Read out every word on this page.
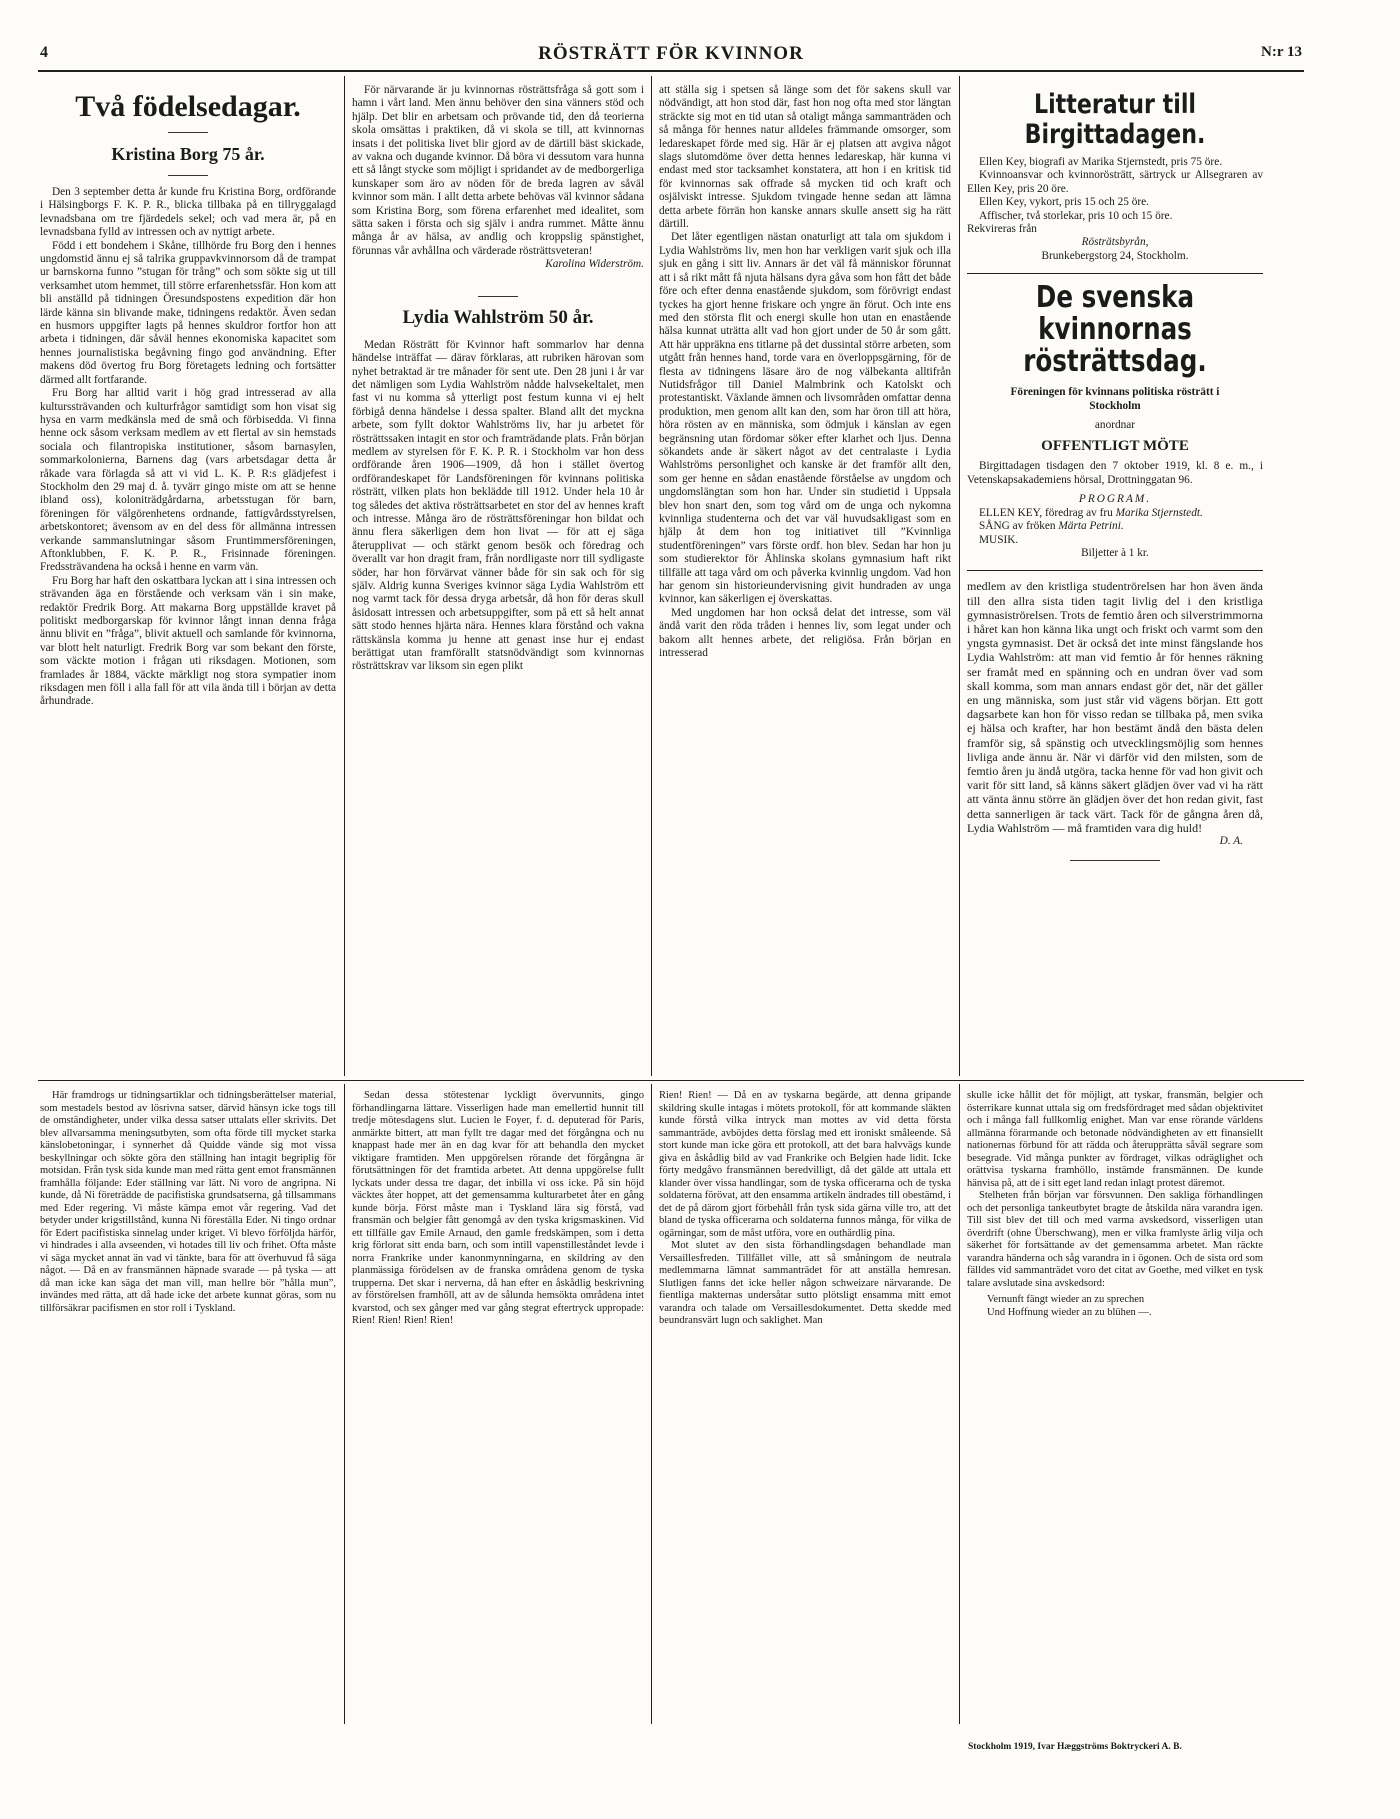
4	RÖSTRÄTT FÖR KVINNOR	N:r 13
Två födelsedagar.
Kristina Borg 75 år.

Den 3 september detta år kunde fru Kristina Borg, ordförande i Hälsingborgs F. K. P. R., blicka tillbaka på en tillryggalagd levnadsbana om tre fjärdedels sekel; och vad mera är, på en levnadsbana fylld av intressen och av nyttigt arbete.

Född i ett bondehem i Skåne, tillhörde fru Borg den i hennes ungdomstid ännu ej så talrika gruppavkvinnorsom då de trampat ur barnskorna funno ”stugan för trång” och som sökte sig ut till verksamhet utom hemmet, till större erfarenhetssfär. Hon kom att bli anställd på tidningen Öresundspostens expedition där hon lärde känna sin blivande make, tidningens redaktör. Även sedan en husmors uppgifter lagts på hennes skuldror fortfor hon att arbeta i tidningen, där såväl hennes ekonomiska kapacitet som hennes journalistiska begåvning fingo god användning. Efter makens död övertog fru Borg företagets ledning och fortsätter därmed allt fortfarande.

Fru Borg har alltid varit i hög grad intresserad av alla kulturssträvanden och kulturfrågor samtidigt som hon visat sig hysa en varm medkänsla med de små och förbisedda. Vi finna henne ock såsom verksam medlem av ett flertal av sin hemstads sociala och filantropiska institutioner, såsom barnasylen, sommarkolonierna, Barnens dag (vars arbetsdagar detta år råkade vara förlagda så att vi vid L. K. P. R:s glädjefest i Stockholm den 29 maj d. å. tyvärr gingo miste om att se henne ibland oss), koloniträdgårdarna, arbetsstugan för barn, föreningen för välgörenhetens ordnande, fattigvårdsstyrelsen, arbetskontoret; ävensom av en del dess för allmänna intressen verkande sammanslutningar såsom Fruntimmersföreningen, Aftonklubben, F. K. P. R., Frisinnade föreningen. Fredssträvandena ha också i henne en varm vän.

Fru Borg har haft den oskattbara lyckan att i sina intressen och strävanden äga en förstående och verksam vän i sin make, redaktör Fredrik Borg. Att makarna Borg uppställde kravet på politiskt medborgarskap för kvinnor långt innan denna fråga ännu blivit en ”fråga”, blivit aktuell och samlande för kvinnorna, var blott helt naturligt. Fredrik Borg var som bekant den förste, som väckte motion i frågan uti riksdagen. Motionen, som framlades år 1884, väckte märkligt nog stora sympatier inom riksdagen men föll i alla fall för att vila ända till i början av detta århundrade.

För närvarande är ju kvinnornas rösträttsfråga så gott som i hamn i vårt land. Men ännu behöver den sina vänners stöd och hjälp. Det blir en arbetsam och prövande tid, den då teorierna skola omsättas i praktiken, då vi skola se till, att kvinnornas insats i det politiska livet blir gjord av de därtill bäst skickade, av vakna och dugande kvinnor. Då böra vi dessutom vara hunna ett så långt stycke som möjligt i spridandet av de medborgerliga kunskaper som äro av nöden för de breda lagren av såväl kvinnor som män. I allt detta arbete behövas väl kvinnor sådana som Kristina Borg, som förena erfarenhet med idealitet, som sätta saken i första och sig själv i andra rummet. Måtte ännu många år av hälsa, av andlig och kroppslig spänstighet, förunnas vår avhållna och värderade rösträttsveteran!

Karolina Widerström.

Lydia Wahlström 50 år.

Medan Rösträtt för Kvinnor haft sommarlov har denna händelse inträffat — därav förklaras, att rubriken härovan som nyhet betraktad är tre månader för sent ute. Den 28 juni i år var det nämligen som Lydia Wahlström nådde halvsekeltalet, men fast vi nu komma så ytterligt post festum kunna vi ej helt förbigå denna händelse i dessa spalter. Bland allt det myckna arbete, som fyllt doktor Wahlströms liv, har ju arbetet för rösträttssaken intagit en stor och framträdande plats. Från början medlem av styrelsen för F. K. P. R. i Stockholm var hon dess ordförande åren 1906—1909, då hon i stället övertog ordförandeskapet för Landsföreningen för kvinnans politiska rösträtt, vilken plats hon beklädde till 1912. Under hela 10 år tog således det aktiva rösträttsarbetet en stor del av hennes kraft och intresse. Många äro de rösträttsföreningar hon bildat och ännu flera säkerligen dem hon livat — för att ej säga återupplivat — och stärkt genom besök och föredrag och överallt var hon dragit fram, från nordligaste norr till sydligaste söder, har hon förvärvat vänner både för sin sak och för sig själv. Aldrig kunna Sveriges kvinnor säga Lydia Wahlström ett nog varmt tack för dessa dryga arbetsår, då hon för deras skull åsidosatt intressen och arbetsuppgifter, som på ett så helt annat sätt stodo hennes hjärta nära. Hennes klara förstånd och vakna rättskänsla komma ju henne att genast inse hur ej endast berättigat utan framförallt statsnödvändigt som kvinnornas rösträttskrav var liksom sin egen plikt

att ställa sig i spetsen så länge som det för sakens skull var nödvändigt, att hon stod där, fast hon nog ofta med stor längtan sträckte sig mot en tid utan så otaligt många sammanträden och så många för hennes natur alldeles främmande omsorger, som ledareskapet förde med sig. Här är ej platsen att avgiva något slags slutomdöme över detta hennes ledareskap, här kunna vi endast med stor tacksamhet konstatera, att hon i en kritisk tid för kvinnornas sak offrade så mycken tid och kraft och osjälviskt intresse. Sjukdom tvingade henne sedan att lämna detta arbete förrän hon kanske annars skulle ansett sig ha rätt därtill.

Det låter egentligen nästan onaturligt att tala om sjukdom i Lydia Wahlströms liv, men hon har verkligen varit sjuk och illa sjuk en gång i sitt liv. Annars är det väl få människor förunnat att i så rikt mått få njuta hälsans dyra gåva som hon fått det både före och efter denna enastående sjukdom, som förövrigt endast tyckes ha gjort henne friskare och yngre än förut. Och inte ens med den största flit och energi skulle hon utan en enastående hälsa kunnat uträtta allt vad hon gjort under de 50 år som gått. Att här uppräkna ens titlarne på det dussintal större arbeten, som utgått från hennes hand, torde vara en överloppsgärning, för de flesta av tidningens läsare äro de nog välbekanta alltifrån Nutidsfrågor till Daniel Malmbrink och Katolskt och protestantiskt. Växlande ämnen och livsområden omfattar denna produktion, men genom allt kan den, som har öron till att höra, höra rösten av en människa, som ödmjuk i känslan av egen begränsning utan fördomar söker efter klarhet och ljus. Denna sökandets ande är säkert något av det centralaste i Lydia Wahlströms personlighet och kanske är det framför allt den, som ger henne en sådan enastående förståelse av ungdom och ungdomslängtan som hon har. Under sin studietid i Uppsala blev hon snart den, som tog vård om de unga och nykomna kvinnliga studenterna och det var väl huvudsakligast som en hjälp åt dem hon tog initiativet till ”Kvinnliga studentföreningen” vars förste ordf. hon blev. Sedan har hon ju som studierektor för Åhlinska skolans gymnasium haft rikt tillfälle att taga vård om och påverka kvinnlig ungdom. Vad hon har genom sin historieundervisning givit hundraden av unga kvinnor, kan säkerligen ej överskattas.

Med ungdomen har hon också delat det intresse, som väl ändå varit den röda tråden i hennes liv, som legat under och bakom allt hennes arbete, det religiösa. Från början en intresserad

Litteratur till Birgittadagen.

Ellen Key, biografi av Marika Stjernstedt, pris 75 öre.

Kvinnoansvar och kvinnorösträtt, särtryck ur Allsegraren av Ellen Key, pris 20 öre.

Ellen Key, vykort, pris 15 och 25 öre.

Affischer, två storlekar, pris 10 och 15 öre.

Rekvireras från

Rösträtsbyrån,

Brunkebergstorg 24, Stockholm.

De svenska kvinnornas rösträttsdag.

Föreningen för kvinnans politiska rösträtt i Stockholm

anordnar

OFFENTLIGT MÖTE

Birgittadagen tisdagen den 7 oktober 1919, kl. 8 e. m., i Vetenskapsakademiens hörsal, Drottninggatan 96.

PROGRAM.

ELLEN KEY, föredrag av fru Marika Stjernstedt.

SÅNG av fröken Märta Petrini.

MUSIK.

Biljetter à 1 kr.

medlem av den kristliga studentrörelsen har hon även ända till den allra sista tiden tagit livlig del i den kristliga gymnasiströrelsen. Trots de femtio åren och silverstrimmorna i håret kan hon känna lika ungt och friskt och varmt som den yngsta gymnasist. Det är också det inte minst fängslande hos Lydia Wahlström: att man vid femtio år för hennes räkning ser framåt med en spänning och en undran över vad som skall komma, som man annars endast gör det, när det gäller en ung människa, som just står vid vägens början. Ett gott dagsarbete kan hon för visso redan se tillbaka på, men svika ej hälsa och krafter, har hon bestämt ändå den bästa delen framför sig, så spänstig och utvecklingsmöjlig som hennes livliga ande ännu är. När vi därför vid den milsten, som de femtio åren ju ändå utgöra, tacka henne för vad hon givit och varit för sitt land, så känns säkert glädjen över vad vi ha rätt att vänta ännu större än glädjen över det hon redan givit, fast detta sannerligen är tack värt. Tack för de gångna åren då, Lydia Wahlström — må framtiden vara dig huld!

D. A.

Här framdrogs ur tidningsartiklar och tidningsberättelser material, som mestadels bestod av lösrivna satser, därvid hänsyn icke togs till de omständigheter, under vilka dessa satser uttalats eller skrivits. Det blev allvarsamma meningsutbyten, som ofta förde till mycket starka känslobetoningar, i synnerhet då Quidde vände sig mot vissa beskyllningar och sökte göra den ställning han intagit begriplig för motsidan. Från tysk sida kunde man med rätta gent emot fransmännen framhålla följande: Eder ställning var lätt. Ni voro de angripna. Ni kunde, då Ni företrädde de pacifistiska grundsatserna, gå tillsammans med Eder regering. Vi måste kämpa emot vår regering. Vad det betyder under krigstillstånd, kunna Ni föreställa Eder. Ni tingo ordnar för Edert pacifistiska sinnelag under kriget. Vi blevo förföljda härför, vi hindrades i alla avseenden, vi hotades till liv och frihet. Ofta måste vi säga mycket annat än vad vi tänkte, bara för att överhuvud få säga något. — Då en av fransmännen häpnade svarade — på tyska — att då man icke kan säga det man vill, man hellre bör ”hålla mun”, invändes med rätta, att då hade icke det arbete kunnat göras, som nu tillförsäkrar pacifismen en stor roll i Tyskland.

Sedan dessa stötestenar lyckligt övervunnits, gingo förhandlingarna lättare. Visserligen hade man emellertid hunnit till tredje mötesdagens slut. Lucien le Foyer, f. d. deputerad för Paris, anmärkte bittert, att man fyllt tre dagar med det förgångna och nu knappast hade mer än en dag kvar för att behandla den mycket viktigare framtiden. Men uppgörelsen rörande det förgångna är förutsättningen för det framtida arbetet. Att denna uppgörelse fullt lyckats under dessa tre dagar, det inbilla vi oss icke. På sin höjd väcktes åter hoppet, att det gemensamma kulturarbetet åter en gång kunde börja. Först måste man i Tyskland lära sig förstå, vad fransmän och belgier fått genomgå av den tyska krigsmaskinen. Vid ett tillfälle gav Emile Arnaud, den gamle fredskämpen, som i detta krig förlorat sitt enda barn, och som intill vapenstilleståndet levde i norra Frankrike under kanonmynningarna, en skildring av den planmässiga förödelsen av de franska områdena genom de tyska trupperna. Det skar i nerverna, då han efter en åskådlig beskrivning av förstörelsen framhöll, att av de sålunda hemsökta områdena intet kvarstod, och sex gånger med var gång stegrat eftertryck uppropade: Rien! Rien! Rien! Rien!

Rien! Rien! — Då en av tyskarna begärde, att denna gripande skildring skulle intagas i mötets protokoll, för att kommande släkten kunde förstå vilka intryck man mottes av vid detta första sammanträde, avböjdes detta förslag med ett ironiskt småleende. Så stort kunde man icke göra ett protokoll, att det bara halvvägs kunde giva en åskådlig bild av vad Frankrike och Belgien hade lidit. Icke förty medgåvo fransmännen beredvilligt, då det gälde att uttala ett klander över vissa handlingar, som de tyska officerarna och de tyska soldaterna förövat, att den ensamma artikeln ändrades till obestämd, i det de på därom gjort förbehåll från tysk sida gärna ville tro, att det bland de tyska officerarna och soldaterna funnos många, för vilka de ogärningar, som de måst utföra, vore en outhärdlig pina.

Mot slutet av den sista förhandlingsdagen behandlade man Versaillesfreden. Tillfället ville, att så småningom de neutrala medlemmarna lämnat sammanträdet för att anställa hemresan. Slutligen fanns det icke heller någon schweizare närvarande. De fientliga makternas undersåtar sutto plötsligt ensamma mitt emot varandra och talade om Versaillesdokumentet. Detta skedde med beundransvärt lugn och saklighet. Man

skulle icke hållit det för möjligt, att tyskar, fransmän, belgier och österrikare kunnat uttala sig om fredsfördraget med sådan objektivitet och i många fall fullkomlig enighet. Man var ense rörande världens allmänna förarmande och betonade nödvändigheten av ett finansiellt nationernas förbund för att rädda och återupprätta såväl segrare som besegrade. Vid många punkter av fördraget, vilkas odräglighet och orättvisa tyskarna framhöllo, instämde fransmännen. De kunde hänvisa på, att de i sitt eget land redan inlagt protest däremot.

Stelheten från början var försvunnen. Den sakliga förhandlingen och det personliga tankeutbytet bragte de åtskilda nära varandra igen. Till sist blev det till och med varma avskedsord, visserligen utan överdrift (ohne Überschwang), men er vilka framlyste ärlig vilja och säkerhet för fortsättande av det gemensamma arbetet. Man räckte varandra händerna och såg varandra in i ögonen. Och de sista ord som fälldes vid sammanträdet voro det citat av Goethe, med vilket en tysk talare avslutade sina avskedsord:

Vernunft fängt wieder an zu sprechen

Und Hoffnung wieder an zu blühen —.

Stockholm 1919, Ivar Hæggströms Boktryckeri A. B.
